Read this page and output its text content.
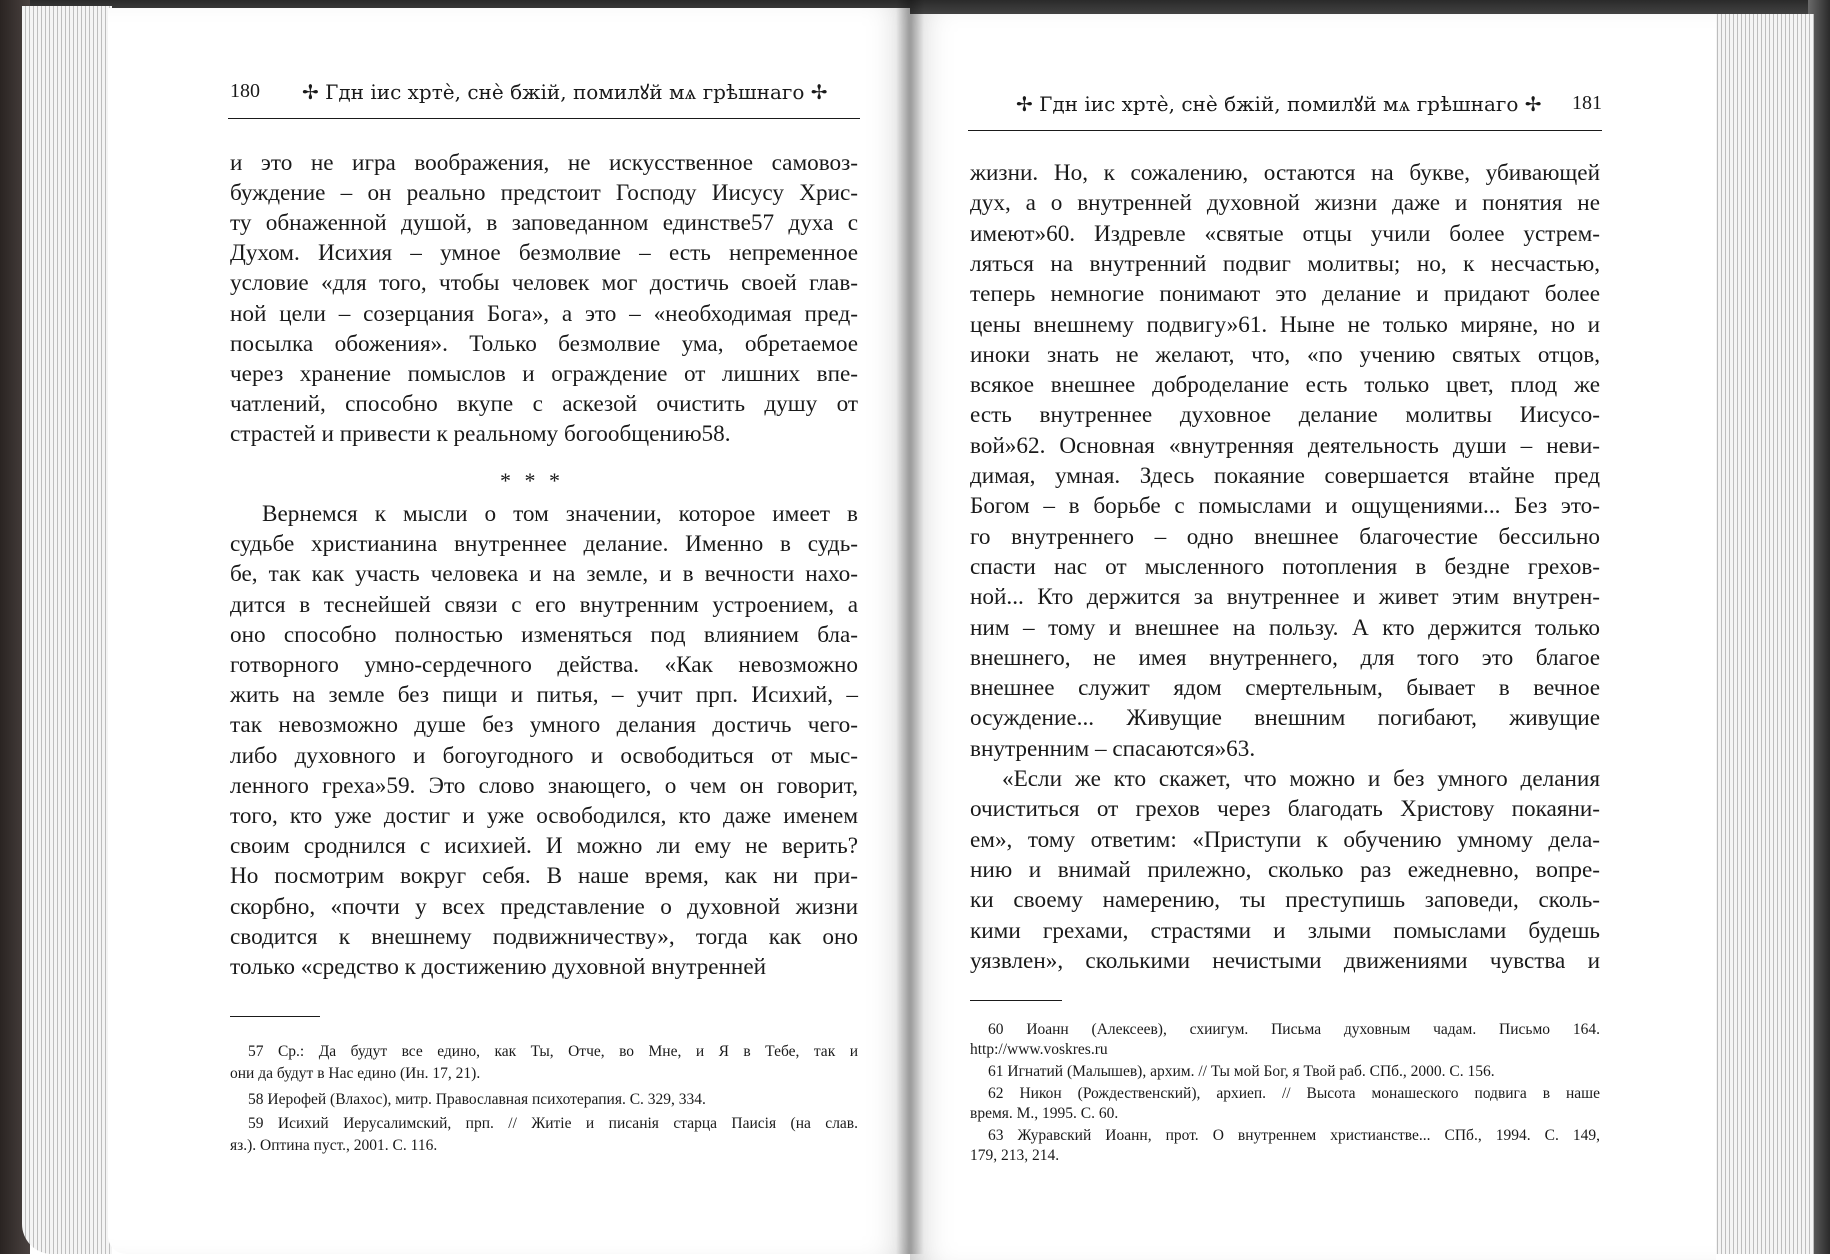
180 ✢ Гдн іис хртѐ, снѐ бжій, помилꙋй мѧ грѣшнаго ✢
и это не игра воображения, не искусственное самовоз-
буждение – он реально предстоит Господу Иисусу Хрис-
ту обнаженной душой, в заповеданном единстве57 духа с
Духом. Исихия – умное безмолвие – есть непременное
условие «для того, чтобы человек мог достичь своей глав-
ной цели – созерцания Бога», а это – «необходимая пред-
посылка обожения». Только безмолвие ума, обретаемое
через хранение помыслов и ограждение от лишних впе-
чатлений, способно вкупе с аскезой очистить душу от
страстей и привести к реальному богообщению58.
Вернемся к мысли о том значении, которое имеет в
судьбе христианина внутреннее делание. Именно в судь-
бе, так как участь человека и на земле, и в вечности нахо-
дится в теснейшей связи с его внутренним устроением, а
оно способно полностью изменяться под влиянием бла-
готворного умно-сердечного действа. «Как невозможно
жить на земле без пищи и питья, – учит прп. Исихий, –
так невозможно душе без умного делания достичь чего-
либо духовного и богоугодного и освободиться от мыс-
ленного греха»59. Это слово знающего, о чем он говорит,
того, кто уже достиг и уже освободился, кто даже именем
своим сроднился с исихией. И можно ли ему не верить?
Но посмотрим вокруг себя. В наше время, как ни при-
скорбно, «почти у всех представление о духовной жизни
сводится к внешнему подвижничеству», тогда как оно
только «средство к достижению духовной внутренней
* * *
57 Ср.: Да будут все едино, как Ты, Отче, во Мне, и Я в Тебе, так и
они да будут в Нас едино (Ин. 17, 21).
58 Иерофей (Влахос), митр. Православная психотерапия. С. 329, 334.
59 Исихий Иерусалимский, прп. // Житіе и писанія старца Паисія (на слав.
яз.). Оптина пуст., 2001. С. 116.
✢ Гдн іис хртѐ, снѐ бжій, помилꙋй мѧ грѣшнаго ✢ 181
жизни. Но, к сожалению, остаются на букве, убивающей
дух, а о внутренней духовной жизни даже и понятия не
имеют»60. Издревле «святые отцы учили более устрем-
ляться на внутренний подвиг молитвы; но, к несчастью,
теперь немногие понимают это делание и придают более
цены внешнему подвигу»61. Ныне не только миряне, но и
иноки знать не желают, что, «по учению святых отцов,
всякое внешнее доброделание есть только цвет, плод же
есть внутреннее духовное делание молитвы Иисусо-
вой»62. Основная «внутренняя деятельность души – неви-
димая, умная. Здесь покаяние совершается втайне пред
Богом – в борьбе с помыслами и ощущениями... Без это-
го внутреннего – одно внешнее благочестие бессильно
спасти нас от мысленного потопления в бездне грехов-
ной... Кто держится за внутреннее и живет этим внутрен-
ним – тому и внешнее на пользу. А кто держится только
внешнего, не имея внутреннего, для того это благое
внешнее служит ядом смертельным, бывает в вечное
осуждение... Живущие внешним погибают, живущие
внутренним – спасаются»63.
«Если же кто скажет, что можно и без умного делания
очиститься от грехов через благодать Христову покаяни-
ем», тому ответим: «Приступи к обучению умному дела-
нию и внимай прилежно, сколько раз ежедневно, вопре-
ки своему намерению, ты преступишь заповеди, сколь-
кими грехами, страстями и злыми помыслами будешь
уязвлен», сколькими нечистыми движениями чувства и
60 Иоанн (Алексеев), схиигум. Письма духовным чадам. Письмо 164.
http://www.voskres.ru
61 Игнатий (Малышев), архим. // Ты мой Бог, я Твой раб. СПб., 2000. С. 156.
62 Никон (Рождественский), архиеп. // Высота монашеского подвига в наше
время. М., 1995. С. 60.
63 Журавский Иоанн, прот. О внутреннем христианстве... СПб., 1994. С. 149,
179, 213, 214.
